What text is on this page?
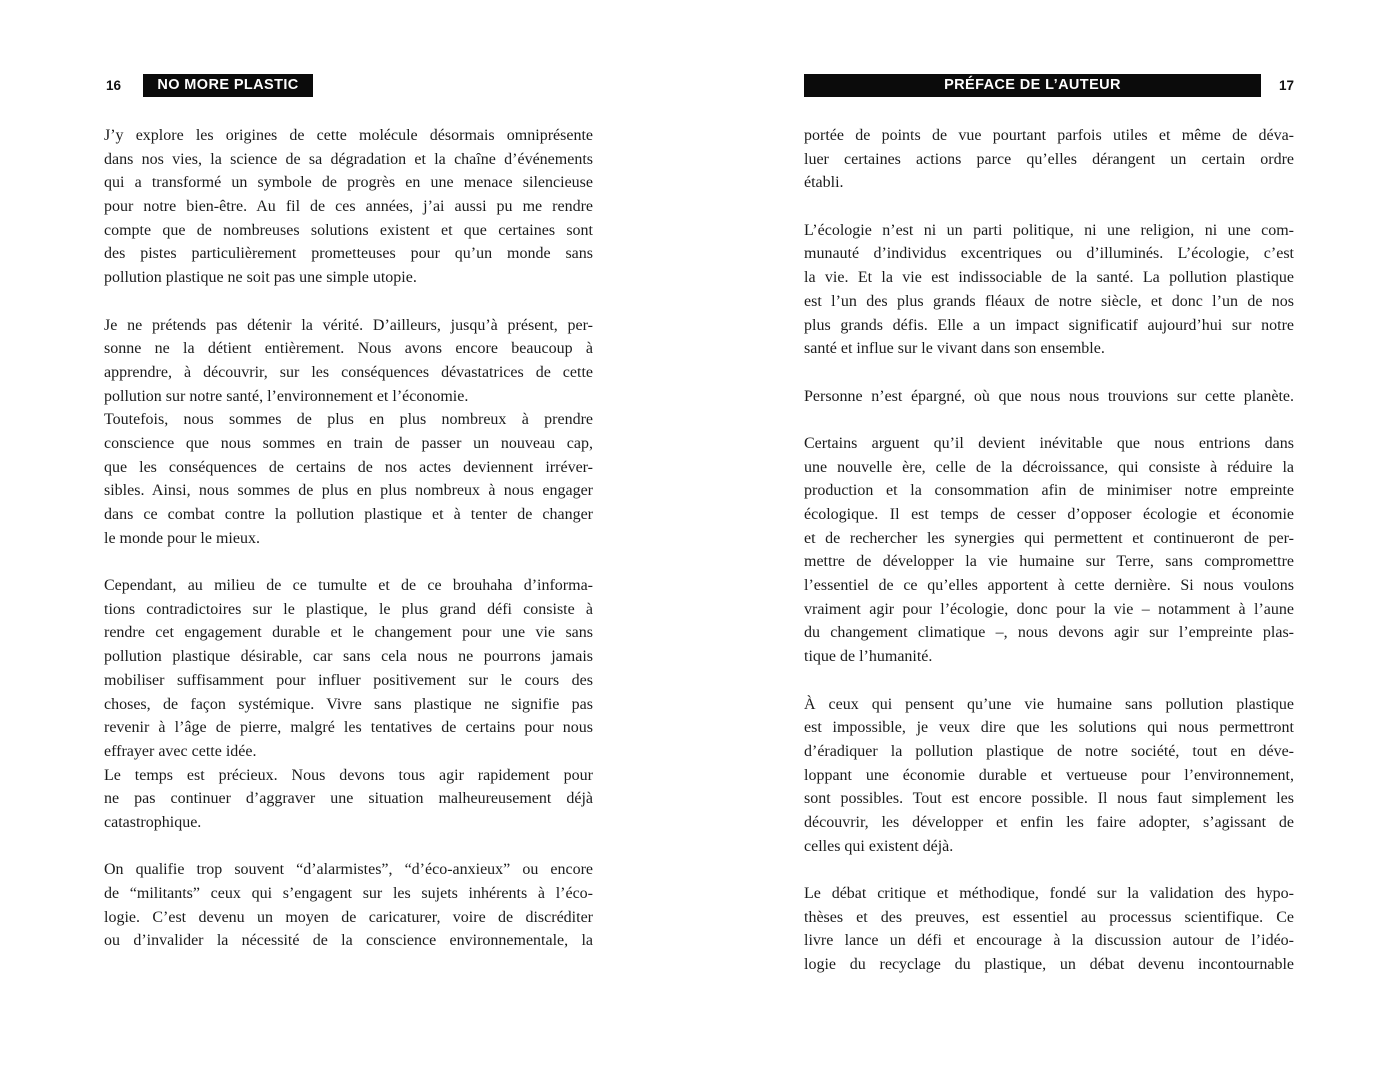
16	NO MORE PLASTIC

J’y explore les origines de cette molécule désormais omniprésente
dans nos vies, la science de sa dégradation et la chaîne d’événements
qui a transformé un symbole de progrès en une menace silencieuse
pour notre bien-être. Au fil de ces années, j’ai aussi pu me rendre
compte que de nombreuses solutions existent et que certaines sont
des pistes particulièrement prometteuses pour qu’un monde sans
pollution plastique ne soit pas une simple utopie.

Je ne prétends pas détenir la vérité. D’ailleurs, jusqu’à présent, per-
sonne ne la détient entièrement. Nous avons encore beaucoup à
apprendre, à découvrir, sur les conséquences dévastatrices de cette
pollution sur notre santé, l’environnement et l’économie.

Toutefois, nous sommes de plus en plus nombreux à prendre
conscience que nous sommes en train de passer un nouveau cap,
que les conséquences de certains de nos actes deviennent irréver-
sibles. Ainsi, nous sommes de plus en plus nombreux à nous engager
dans ce combat contre la pollution plastique et à tenter de changer
le monde pour le mieux.

Cependant, au milieu de ce tumulte et de ce brouhaha d’informa-
tions contradictoires sur le plastique, le plus grand défi consiste à
rendre cet engagement durable et le changement pour une vie sans
pollution plastique désirable, car sans cela nous ne pourrons jamais
mobiliser suffisamment pour influer positivement sur le cours des
choses, de façon systémique. Vivre sans plastique ne signifie pas
revenir à l’âge de pierre, malgré les tentatives de certains pour nous
effrayer avec cette idée.

Le temps est précieux. Nous devons tous agir rapidement pour
ne pas continuer d’aggraver une situation malheureusement déjà
catastrophique.

On qualifie trop souvent “d’alarmistes”, “d’éco-anxieux” ou encore
de “militants” ceux qui s’engagent sur les sujets inhérents à l’éco-
logie. C’est devenu un moyen de caricaturer, voire de discréditer
ou d’invalider la nécessité de la conscience environnementale, la

PRÉFACE DE L’AUTEUR	17

portée de points de vue pourtant parfois utiles et même de déva-
luer certaines actions parce qu’elles dérangent un certain ordre
établi.

L’écologie n’est ni un parti politique, ni une religion, ni une com-
munauté d’individus excentriques ou d’illuminés. L’écologie, c’est
la vie. Et la vie est indissociable de la santé. La pollution plastique
est l’un des plus grands fléaux de notre siècle, et donc l’un de nos
plus grands défis. Elle a un impact significatif aujourd’hui sur notre
santé et influe sur le vivant dans son ensemble.

Personne n’est épargné, où que nous nous trouvions sur cette planète.

Certains arguent qu’il devient inévitable que nous entrions dans
une nouvelle ère, celle de la décroissance, qui consiste à réduire la
production et la consommation afin de minimiser notre empreinte
écologique. Il est temps de cesser d’opposer écologie et économie
et de rechercher les synergies qui permettent et continueront de per-
mettre de développer la vie humaine sur Terre, sans compromettre
l’essentiel de ce qu’elles apportent à cette dernière. Si nous voulons
vraiment agir pour l’écologie, donc pour la vie – notamment à l’aune
du changement climatique –, nous devons agir sur l’empreinte plas-
tique de l’humanité.

À ceux qui pensent qu’une vie humaine sans pollution plastique
est impossible, je veux dire que les solutions qui nous permettront
d’éradiquer la pollution plastique de notre société, tout en déve-
loppant une économie durable et vertueuse pour l’environnement,
sont possibles. Tout est encore possible. Il nous faut simplement les
découvrir, les développer et enfin les faire adopter, s’agissant de
celles qui existent déjà.

Le débat critique et méthodique, fondé sur la validation des hypo-
thèses et des preuves, est essentiel au processus scientifique. Ce
livre lance un défi et encourage à la discussion autour de l’idéo-
logie du recyclage du plastique, un débat devenu incontournable
